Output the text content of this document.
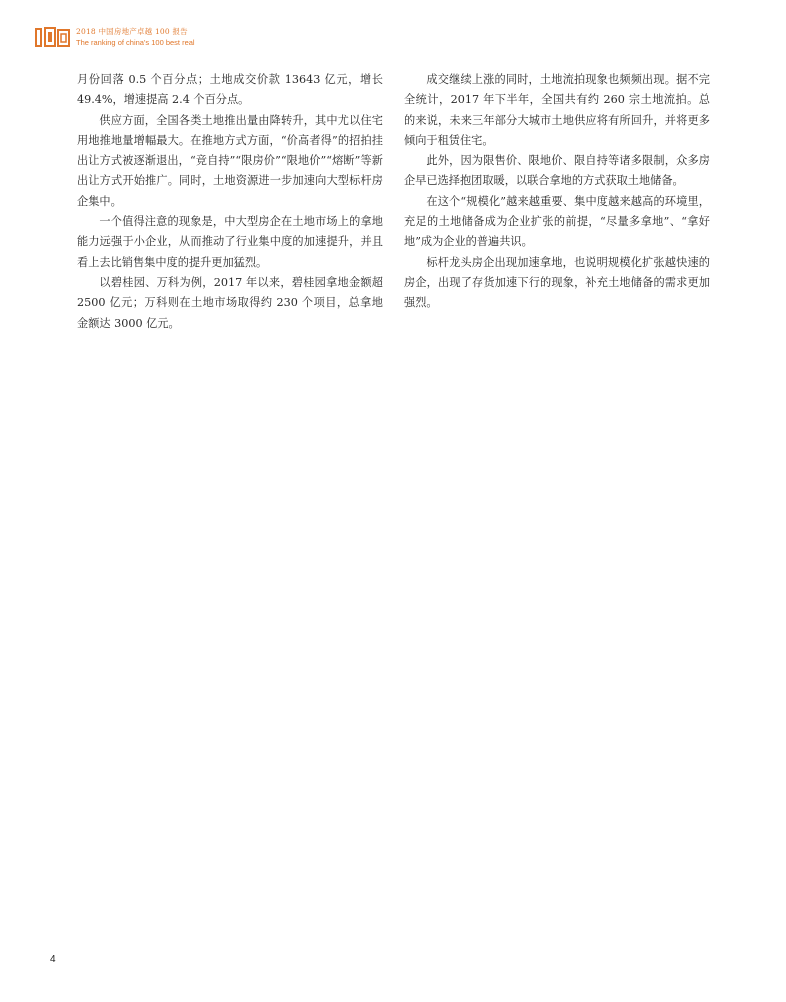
2018 中国房地产卓越 100 报告
The ranking of china's 100 best real

月份回落 0.5 个百分点；土地成交价款 13643 亿元，增长 49.4%，增速提高 2.4 个百分点。

供应方面，全国各类土地推出量由降转升，其中尤以住宅用地推地量增幅最大。在推地方式方面，“价高者得”的招拍挂出让方式被逐渐退出，“竞自持”“限房价”“限地价”“熔断”等新出让方式开始推广。同时，土地资源进一步加速向大型标杆房企集中。

一个值得注意的现象是，中大型房企在土地市场上的拿地能力远强于小企业，从而推动了行业集中度的加速提升，并且看上去比销售集中度的提升更加猛烈。

以碧桂园、万科为例，2017 年以来，碧桂园拿地金额超2500 亿元；万科则在土地市场取得约 230 个项目，总拿地金额达 3000 亿元。

成交继续上涨的同时，土地流拍现象也频频出现。据不完全统计，2017 年下半年，全国共有约 260 宗土地流拍。总的来说，未来三年部分大城市土地供应将有所回升，并将更多倾向于租赁住宅。

此外，因为限售价、限地价、限自持等诸多限制，众多房企早已选择抱团取暖，以联合拿地的方式获取土地储备。

在这个“规模化”越来越重要、集中度越来越高的环境里，充足的土地储备成为企业扩张的前提，“尽量多拿地”、“拿好地”成为企业的普遍共识。

标杆龙头房企出现加速拿地，也说明规模化扩张越快速的房企，出现了存货加速下行的现象，补充土地储备的需求更加强烈。

4
